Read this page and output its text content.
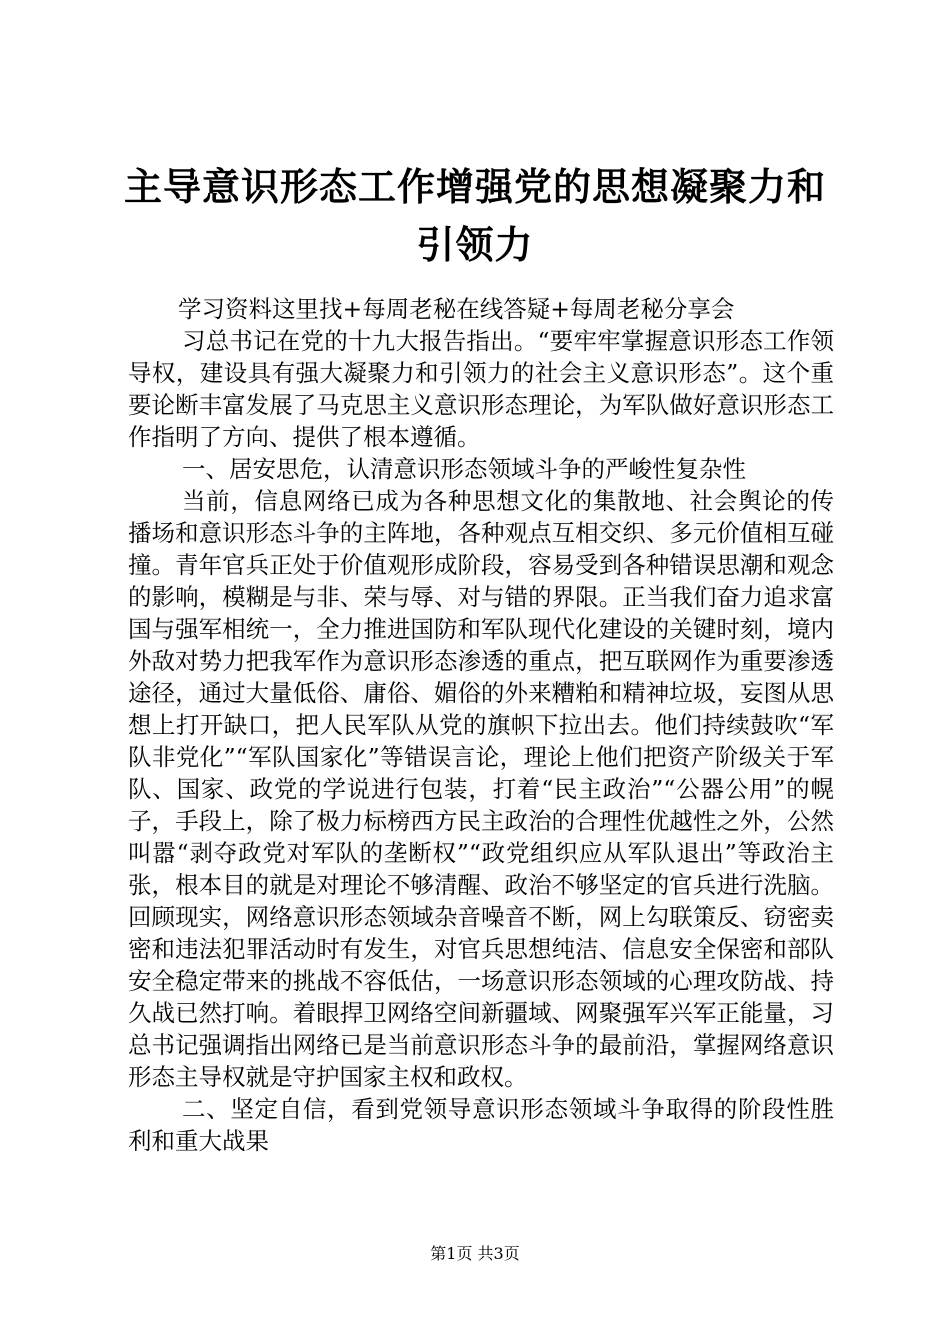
主导意识形态工作增强党的思想凝聚力和引领力

学习资料这里找+每周老秘在线答疑+每周老秘分享会

习总书记在党的十九大报告指出。“要牢牢掌握意识形态工作领导权，建设具有强大凝聚力和引领力的社会主义意识形态”。这个重要论断丰富发展了马克思主义意识形态理论，为军队做好意识形态工作指明了方向、提供了根本遵循。

一、居安思危，认清意识形态领域斗争的严峻性复杂性

当前，信息网络已成为各种思想文化的集散地、社会舆论的传播场和意识形态斗争的主阵地，各种观点互相交织、多元价值相互碰撞。青年官兵正处于价值观形成阶段，容易受到各种错误思潮和观念的影响，模糊是与非、荣与辱、对与错的界限。正当我们奋力追求富国与强军相统一，全力推进国防和军队现代化建设的关键时刻，境内外敌对势力把我军作为意识形态渗透的重点，把互联网作为重要渗透途径，通过大量低俗、庸俗、媚俗的外来糟粕和精神垃圾，妄图从思想上打开缺口，把人民军队从党的旗帜下拉出去。他们持续鼓吹“军队非党化”“军队国家化”等错误言论，理论上他们把资产阶级关于军队、国家、政党的学说进行包装，打着“民主政治”“公器公用”的幌子，手段上，除了极力标榜西方民主政治的合理性优越性之外，公然叫嚣“剥夺政党对军队的垄断权”“政党组织应从军队退出”等政治主张，根本目的就是对理论不够清醒、政治不够坚定的官兵进行洗脑。回顾现实，网络意识形态领域杂音噪音不断，网上勾联策反、窃密卖密和违法犯罪活动时有发生，对官兵思想纯洁、信息安全保密和部队安全稳定带来的挑战不容低估，一场意识形态领域的心理攻防战、持久战已然打响。着眼捍卫网络空间新疆域、网聚强军兴军正能量，习总书记强调指出网络已是当前意识形态斗争的最前沿，掌握网络意识形态主导权就是守护国家主权和政权。

二、坚定自信，看到党领导意识形态领域斗争取得的阶段性胜利和重大战果

第1页 共3页
